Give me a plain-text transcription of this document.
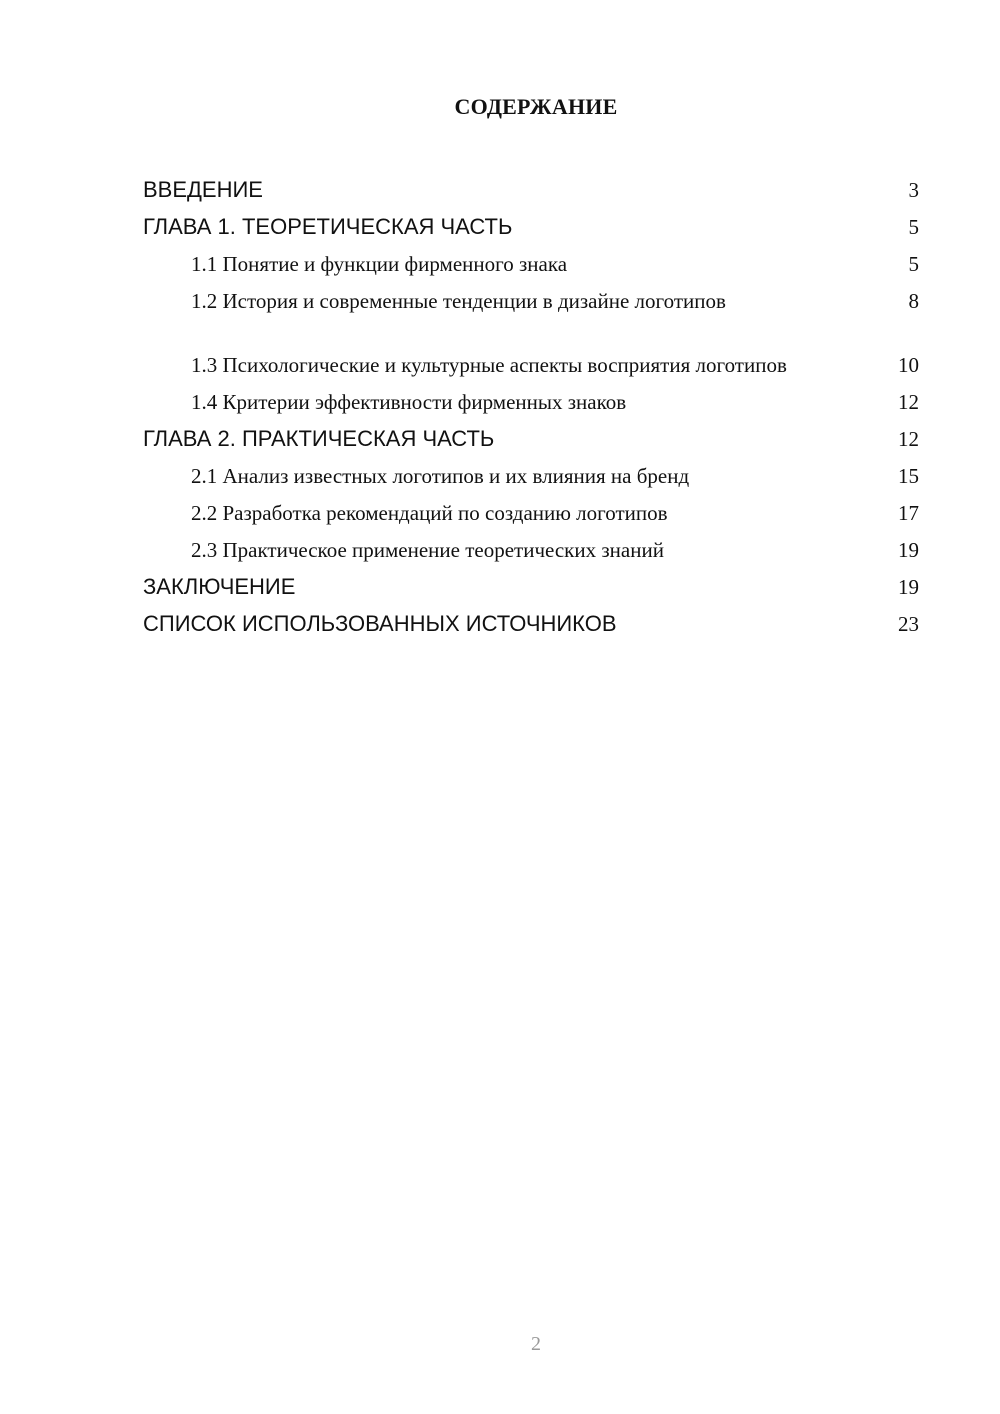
СОДЕРЖАНИЕ
ВВЕДЕНИЕ	3
ГЛАВА 1. ТЕОРЕТИЧЕСКАЯ ЧАСТЬ	5
1.1 Понятие и функции фирменного знака	5
1.2 История и современные тенденции в дизайне логотипов	8
1.3 Психологические и культурные аспекты восприятия логотипов	10
1.4 Критерии эффективности фирменных знаков	12
ГЛАВА 2. ПРАКТИЧЕСКАЯ ЧАСТЬ	12
2.1 Анализ известных логотипов и их влияния на бренд	15
2.2 Разработка рекомендаций по созданию логотипов	17
2.3 Практическое применение теоретических знаний	19
ЗАКЛЮЧЕНИЕ	19
СПИСОК ИСПОЛЬЗОВАННЫХ ИСТОЧНИКОВ	23
2
